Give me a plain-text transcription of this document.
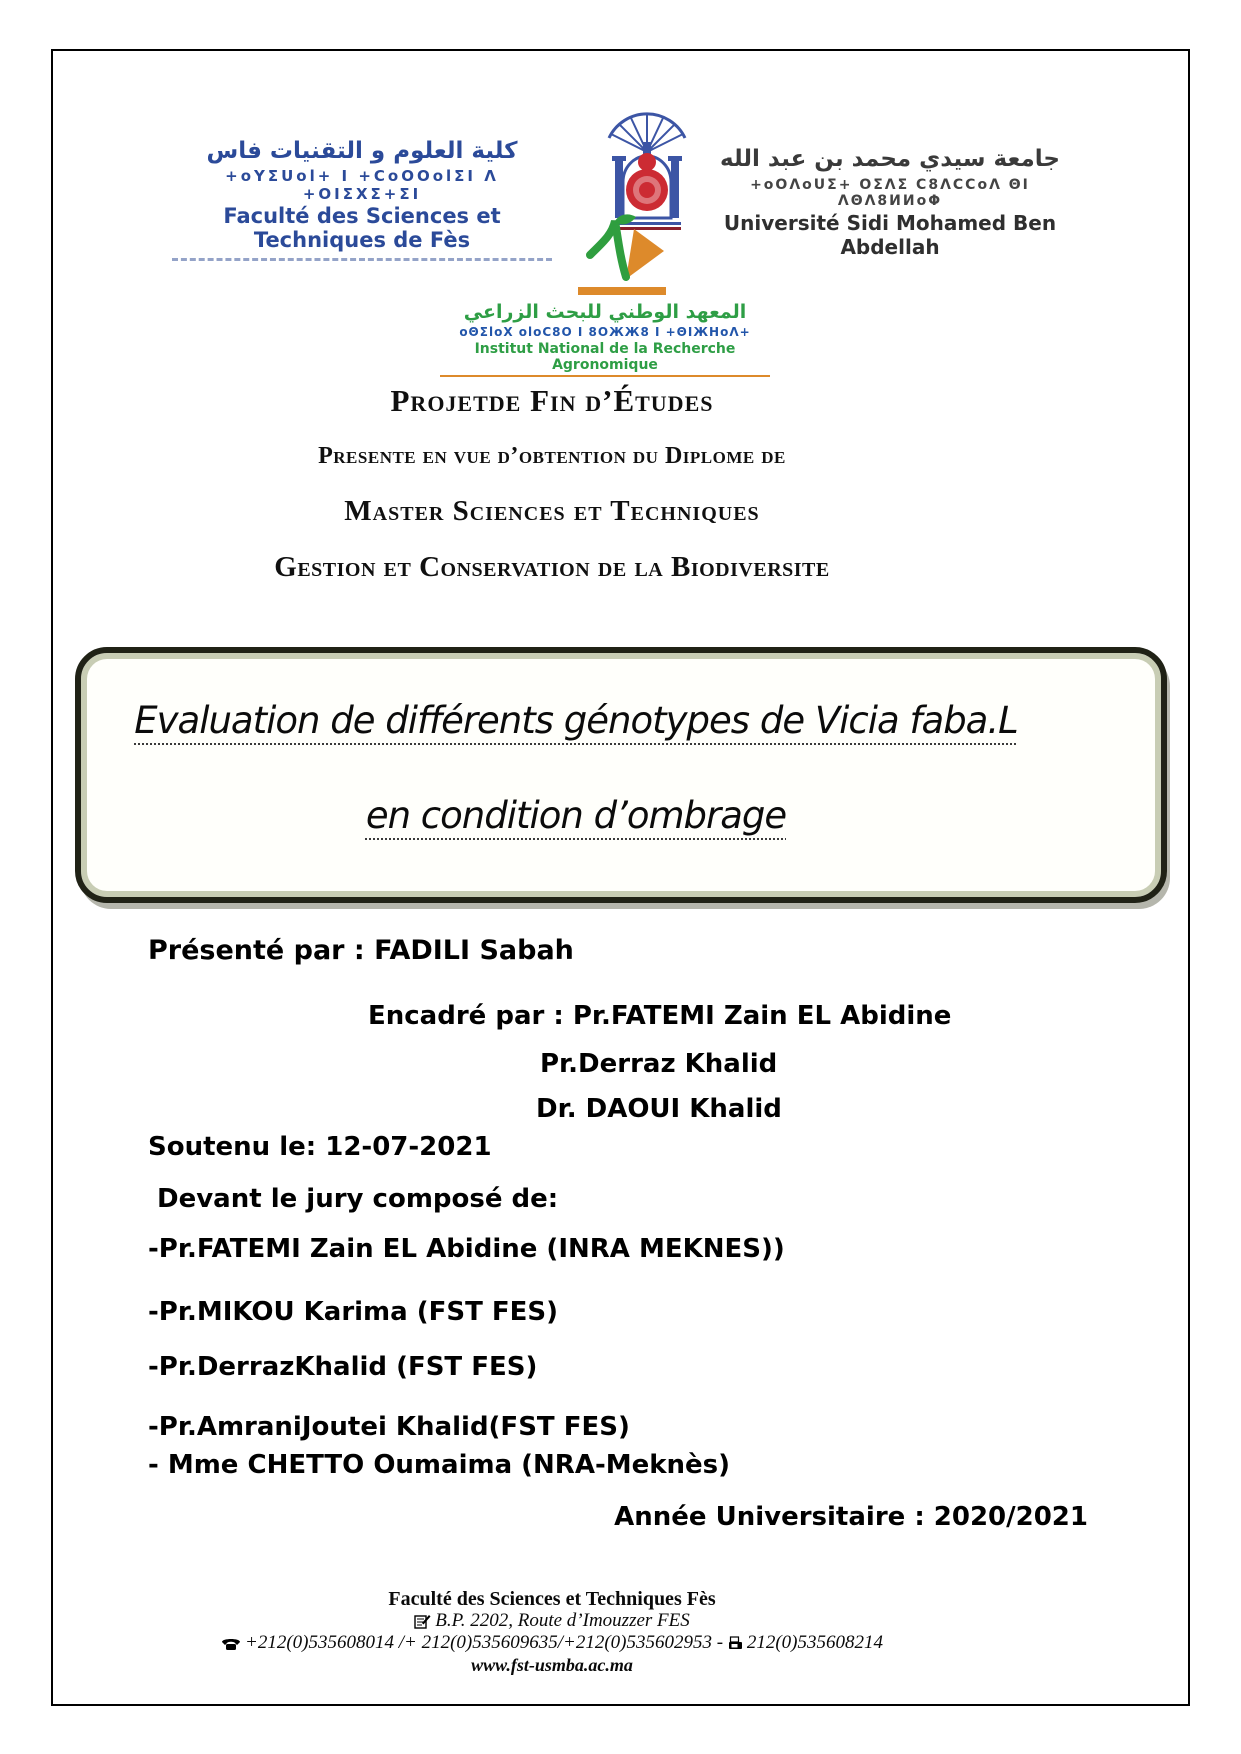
كلية العلوم و التقنيات فاس
+oYΣUol+ I +CoOOolΣI Λ +OIΣXΣ+ΣI
Faculté des Sciences et Techniques de Fès
جامعة سيدي محمد بن عبد الله
+oOΛoUΣ+ OΣΛΣ C8ΛCCoΛ ΘI ΛΘΛ8ИИoΦ
Université Sidi Mohamed Ben Abdellah
المعهد الوطني للبحث الزراعي
oΘΣloX oloC8O Ι 8OЖЖ8 Ι +ΘIЖHoΛ+
Institut National de la Recherche Agronomique
Projetde Fin d’Études
Presente en vue d’obtention du Diplome de
Master Sciences et Techniques
Gestion et Conservation de la Biodiversite
Evaluation de différents génotypes de Vicia faba.L
en condition d’ombrage
Présenté par : FADILI Sabah
Encadré par : Pr.FATEMI Zain EL Abidine
Pr.Derraz Khalid
Dr. DAOUI Khalid
Soutenu le: 12-07-2021
Devant le jury composé de:
-Pr.FATEMI Zain EL Abidine (INRA MEKNES))
-Pr.MIKOU Karima (FST FES)
-Pr.DerrazKhalid (FST FES)
-Pr.AmraniJoutei Khalid(FST FES)
- Mme CHETTO Oumaima (NRA-Meknès)
Année Universitaire : 2020/2021
Faculté des Sciences et Techniques Fès
B.P. 2202, Route d’Imouzzer FES
+212(0)535608014 /+ 212(0)535609635/+212(0)535602953 - 212(0)535608214
www.fst-usmba.ac.ma
